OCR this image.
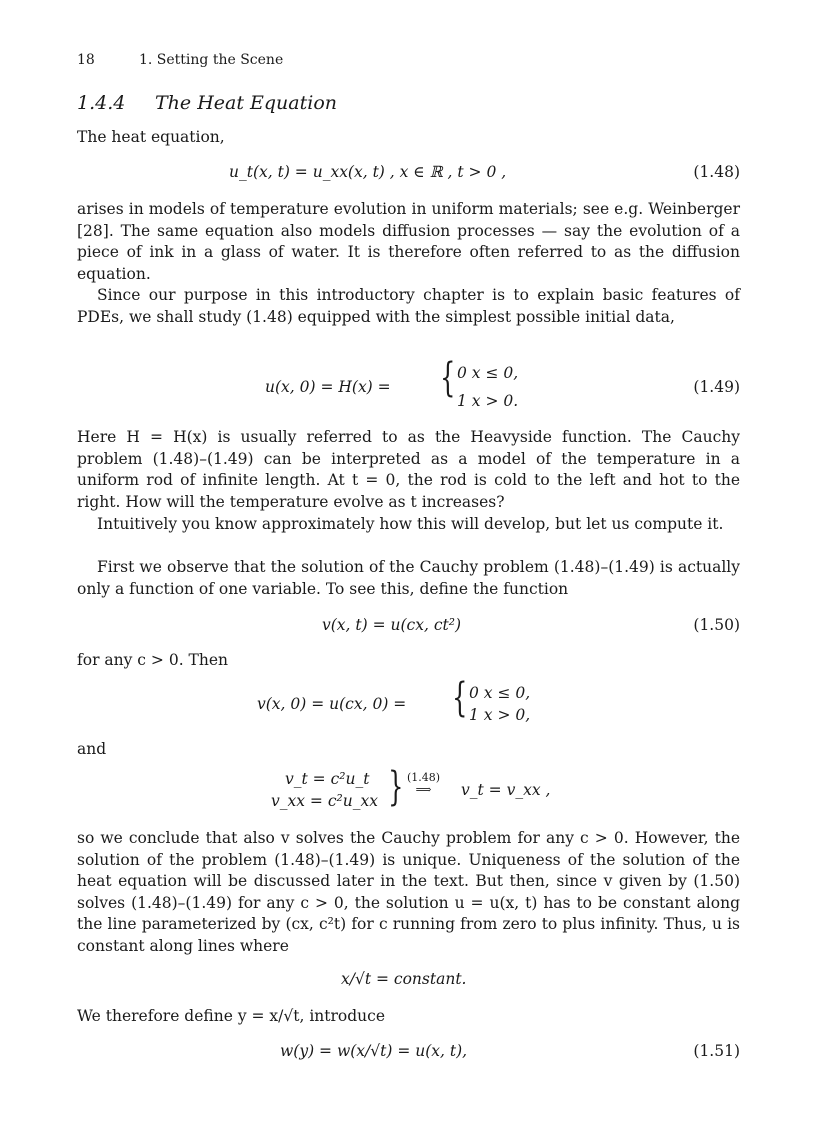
18	1. Setting the Scene
1.4.4 The Heat Equation
The heat equation,
u_t(x, t) = u_xx(x, t) , x ∈ ℝ , t > 0 ,	(1.48)
arises in models of temperature evolution in uniform materials; see e.g. Weinberger [28]. The same equation also models diffusion processes — say the evolution of a piece of ink in a glass of water. It is therefore often referred to as the diffusion equation.
Since our purpose in this introductory chapter is to explain basic features of PDEs, we shall study (1.48) equipped with the simplest possible initial data,
u(x, 0) = H(x) = { 0 x ≤ 0,
1 x > 0.
(1.49)
Here H = H(x) is usually referred to as the Heavyside function. The Cauchy problem (1.48)–(1.49) can be interpreted as a model of the temperature in a uniform rod of infinite length. At t = 0, the rod is cold to the left and hot to the right. How will the temperature evolve as t increases?
Intuitively you know approximately how this will develop, but let us compute it.
First we observe that the solution of the Cauchy problem (1.48)–(1.49) is actually only a function of one variable. To see this, define the function
v(x, t) = u(cx, ct²)	(1.50)
for any c > 0. Then
v(x, 0) = u(cx, 0) = { 0 x ≤ 0,
1 x > 0,
and
v_t = c²u_t
v_xx = c²u_xx } (1.48)
⟹	v_t = v_xx ,
so we conclude that also v solves the Cauchy problem for any c > 0. However, the solution of the problem (1.48)–(1.49) is unique. Uniqueness of the solution of the heat equation will be discussed later in the text. But then, since v given by (1.50) solves (1.48)–(1.49) for any c > 0, the solution u = u(x, t) has to be constant along the line parameterized by (cx, c²t) for c running from zero to plus infinity. Thus, u is constant along lines where
x/√t = constant.
We therefore define y = x/√t, introduce
w(y) = w(x/√t) = u(x, t),	(1.51)
